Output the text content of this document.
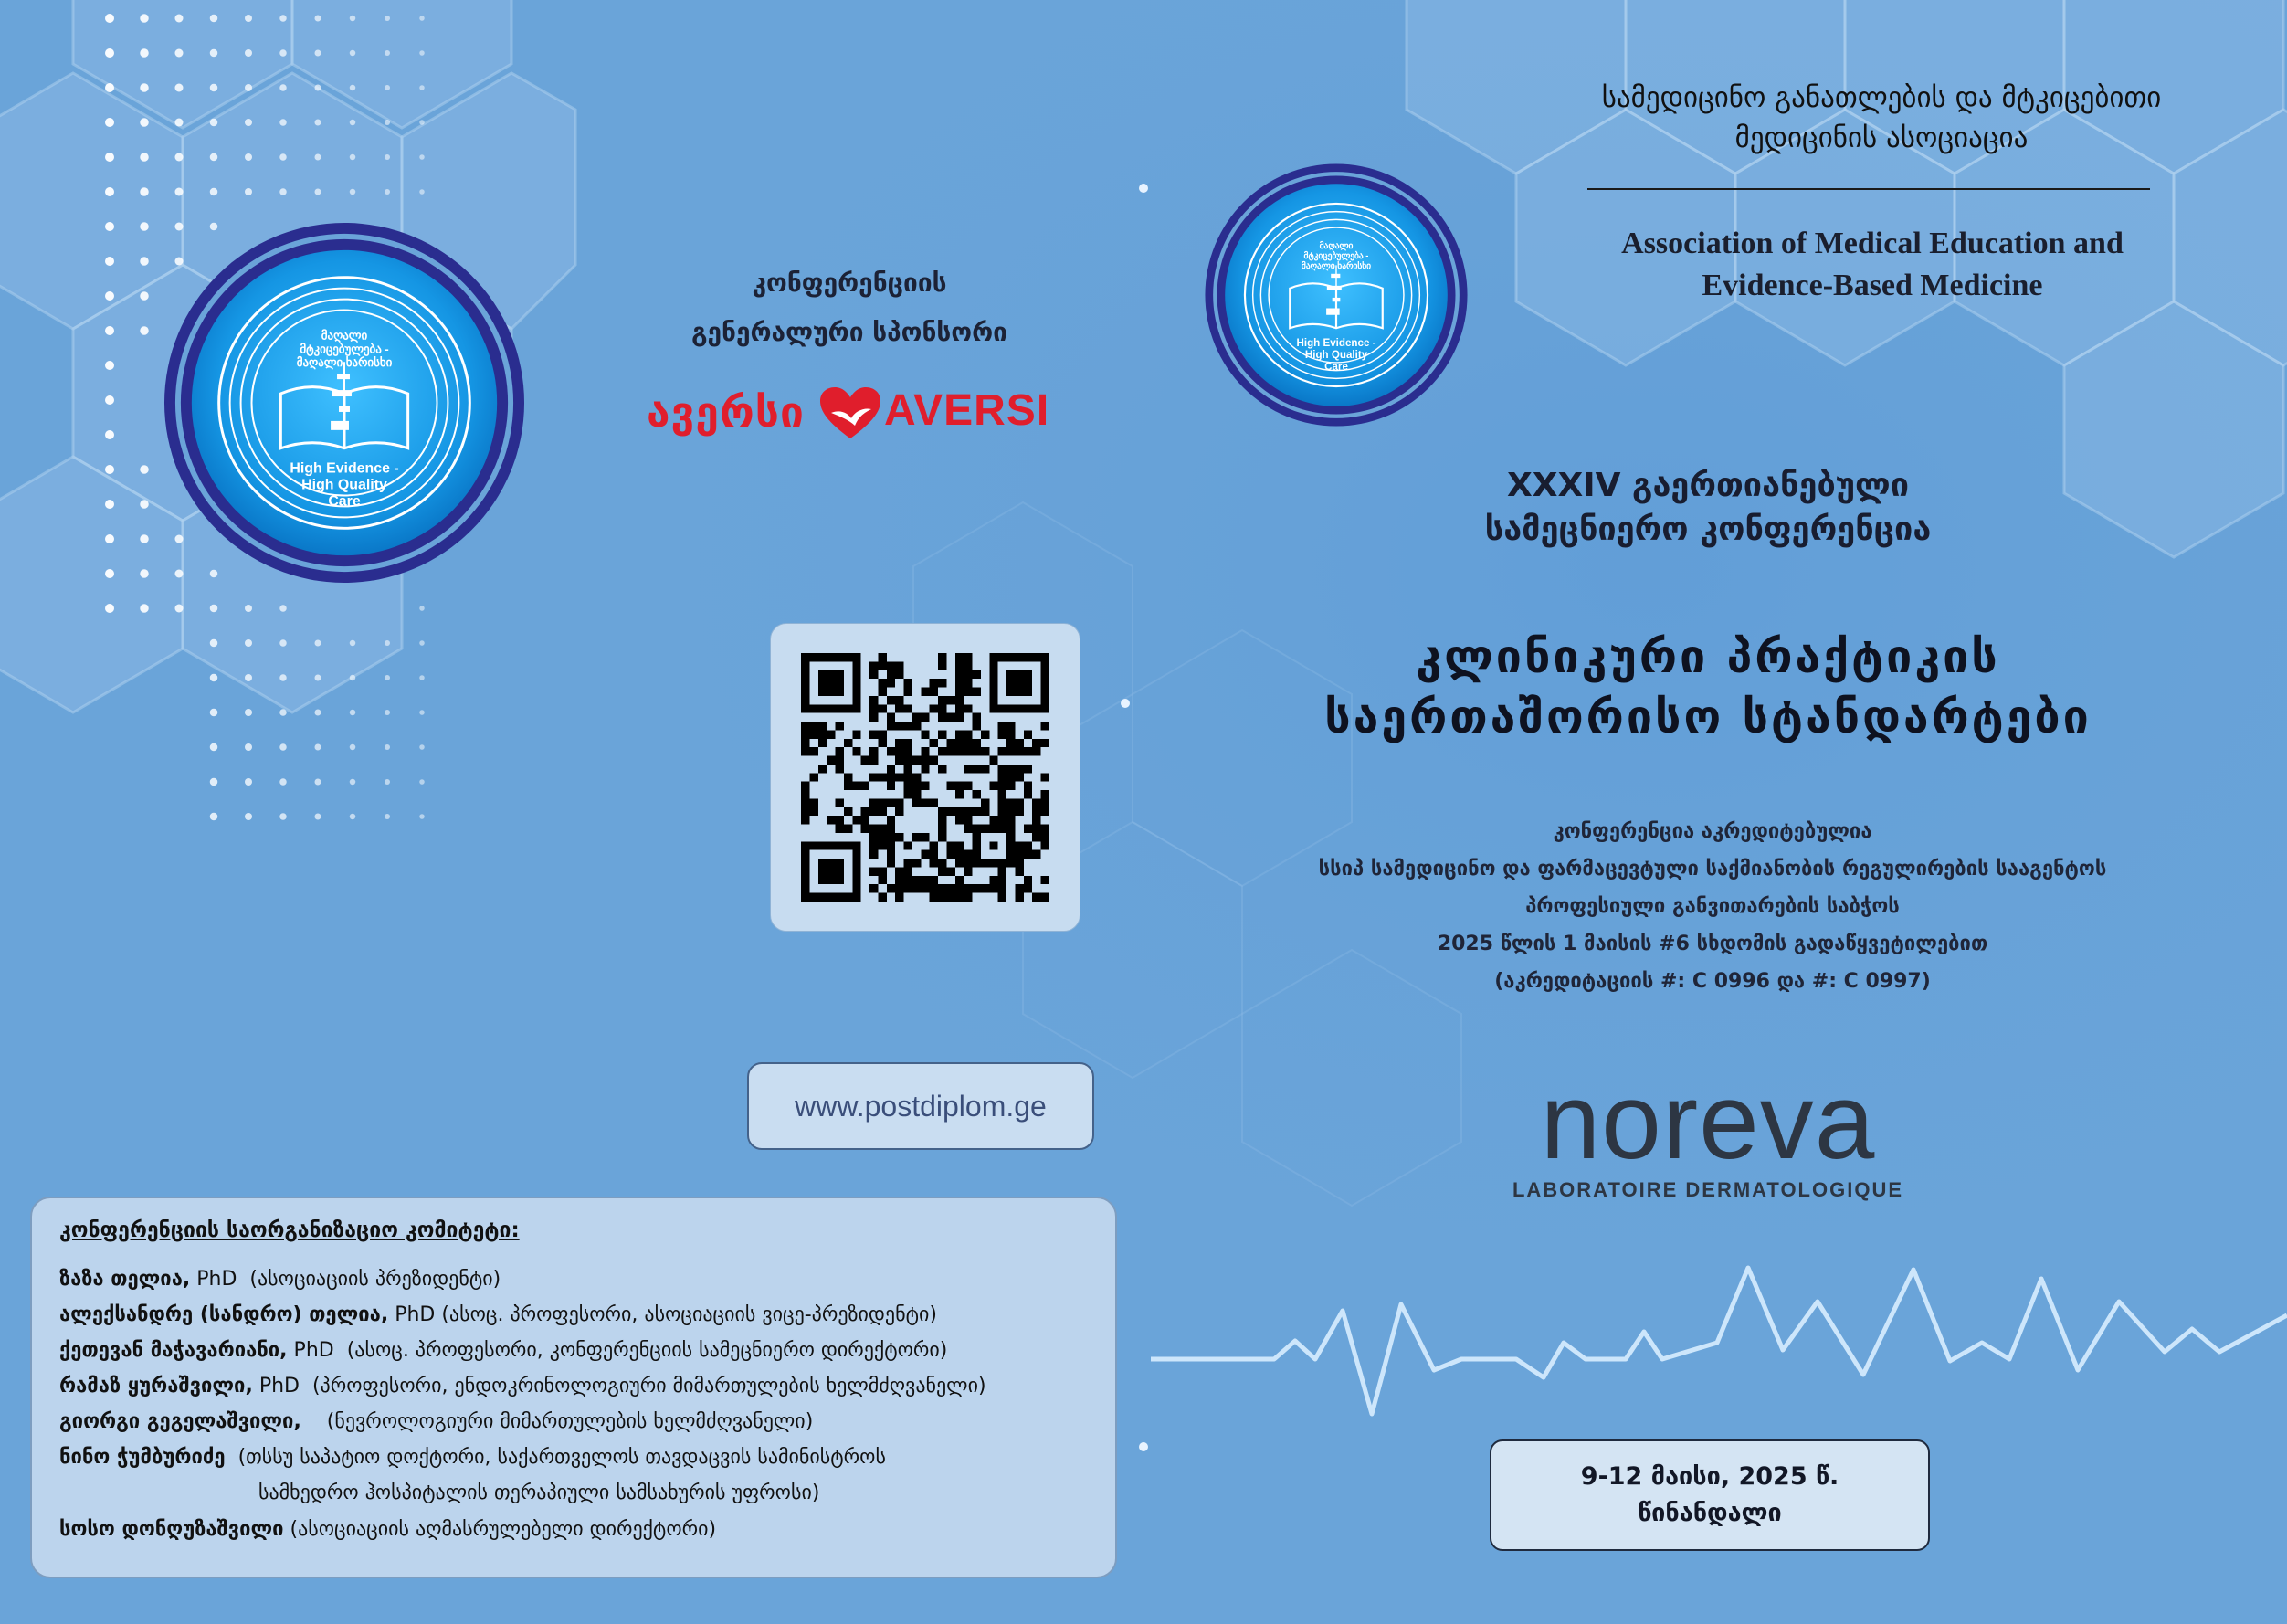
მაღალი
მტკიცებულება -
მაღალი ხარისხი
High Evidence -
High Quality
Care
მაღალი
მტკიცებულება -
მაღალი ხარისხი
High Evidence -
High Quality
Care
კონფერენციის
გენერალური სპონსორი
ავერსი AVERSI
www.postdiplom.ge
სამედიცინო განათლების და მტკიცებითი
მედიცინის ასოციაცია
Association of Medical Education and
Evidence-Based Medicine
XXXIV გაერთიანებული
სამეცნიერო კონფერენცია
კლინიკური პრაქტიკის
საერთაშორისო სტანდარტები
კონფერენცია აკრედიტებულია
სსიპ სამედიცინო და ფარმაცევტული საქმიანობის რეგულირების სააგენტოს
პროფესიული განვითარების საბჭოს
2025 წლის 1 მაისის #6 სხდომის გადაწყვეტილებით
(აკრედიტაციის #: C 0996 და #: C 0997)
noreva
LABORATOIRE DERMATOLOGIQUE
9-12 მაისი, 2025 წ.
წინანდალი
კონფერენციის საორგანიზაციო კომიტეტი:
ზაზა თელია, PhD (ასოციაციის პრეზიდენტი)
ალექსანდრე (სანდრო) თელია, PhD (ასოც. პროფესორი, ასოციაციის ვიცე-პრეზიდენტი)
ქეთევან მაჭავარიანი, PhD (ასოც. პროფესორი, კონფერენციის სამეცნიერო დირექტორი)
რამაზ ყურაშვილი, PhD (პროფესორი, ენდოკრინოლოგიური მიმართულების ხელმძღვანელი)
გიორგი გეგელაშვილი, (ნევროლოგიური მიმართულების ხელმძღვანელი)
ნინო ჭუმბურიძე (თსსუ საპატიო დოქტორი, საქართველოს თავდაცვის სამინისტროს
სამხედრო ჰოსპიტალის თერაპიული სამსახურის უფროსი)
სოსო დონღუზაშვილი (ასოციაციის აღმასრულებელი დირექტორი)
